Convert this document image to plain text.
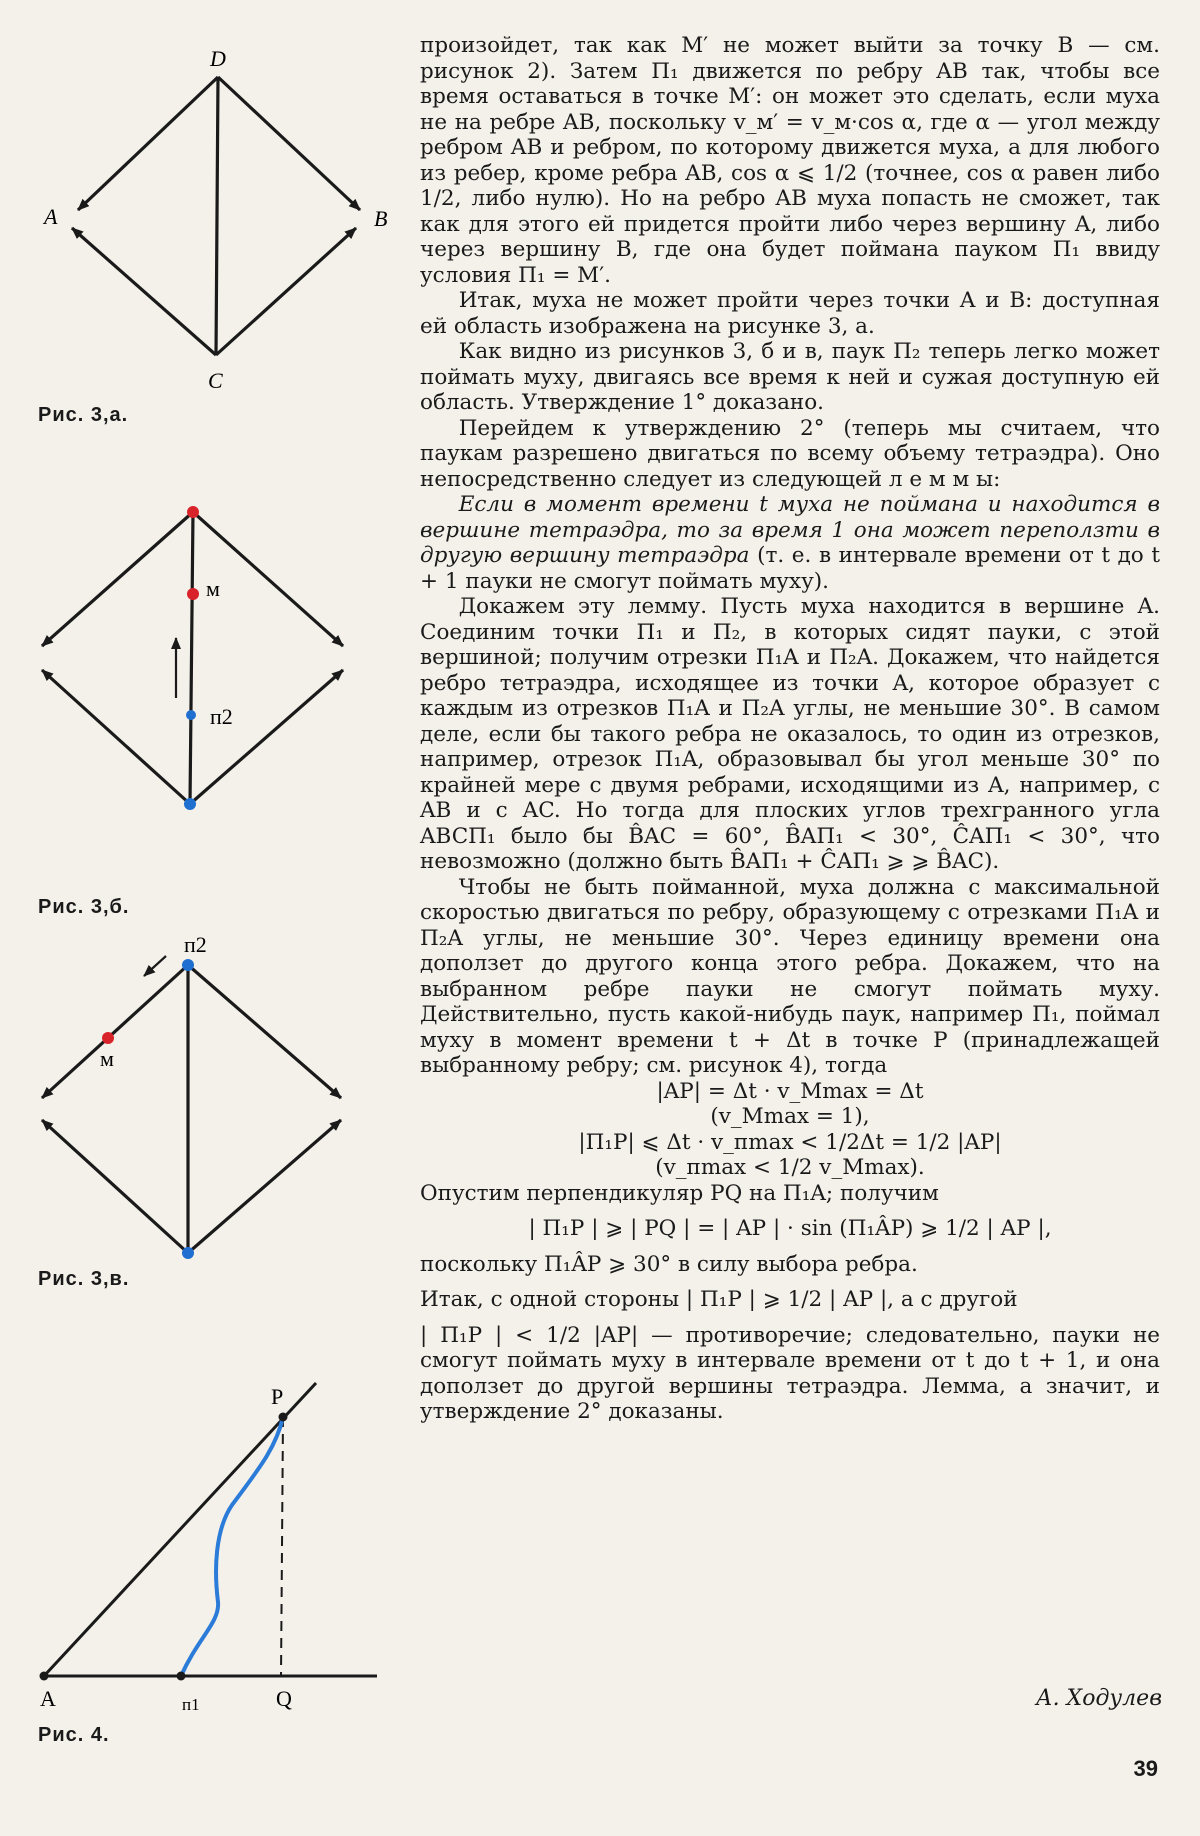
D
A	B
C
Рис. 3,а.
м
п2
Рис. 3,б.
п2
м
Рис. 3,в.
P
A	п1	Q
Рис. 4.

произойдет, так как M′ не может выйти за точку B — см. рисунок 2). Затем П₁ движется по ребру AB так, чтобы все время оставаться в точке M′: он может это сделать, если муха не на ребре AB, поскольку v_м′ = v_м·cos α, где α — угол между ребром AB и ребром, по которому движется муха, а для любого из ребер, кроме ребра AB, cos α ⩽ 1/2 (точнее, cos α равен либо 1/2, либо нулю). Но на ребро AB муха попасть не сможет, так как для этого ей придется пройти либо через вершину A, либо через вершину B, где она будет поймана пауком П₁ ввиду условия П₁ = M′.

Итак, муха не может пройти через точки A и B: доступная ей область изображена на рисунке 3, а.

Как видно из рисунков 3, б и в, паук П₂ теперь легко может поймать муху, двигаясь все время к ней и сужая доступную ей область. Утверждение 1° доказано.

Перейдем к утверждению 2° (теперь мы считаем, что паукам разрешено двигаться по всему объему тетраэдра). Оно непосредственно следует из следующей л е м м ы:

Если в момент времени t муха не поймана и находится в вершине тетраэдра, то за время 1 она может переползти в другую вершину тетраэдра (т. е. в интервале времени от t до t + 1 пауки не смогут поймать муху).

Докажем эту лемму. Пусть муха находится в вершине A. Соединим точки П₁ и П₂, в которых сидят пауки, с этой вершиной; получим отрезки П₁A и П₂A. Докажем, что найдется ребро тетраэдра, исходящее из точки A, которое образует с каждым из отрезков П₁A и П₂A углы, не меньшие 30°. В самом деле, если бы такого ребра не оказалось, то один из отрезков, например, отрезок П₁A, образовывал бы угол меньше 30° по крайней мере с двумя ребрами, исходящими из A, например, с AB и с AC. Но тогда для плоских углов трехгранного угла ABCП₁ было бы B̂AC = 60°, B̂AП₁ < 30°, ĈAП₁ < 30°, что невозможно (должно быть B̂AП₁ + ĈAП₁ ⩾ ⩾ B̂AC).

Чтобы не быть пойманной, муха должна с максимальной скоростью двигаться по ребру, образующему с отрезками П₁A и П₂A углы, не меньшие 30°. Через единицу времени она доползет до другого конца этого ребра. Докажем, что на выбранном ребре пауки не смогут поймать муху. Действительно, пусть какой-нибудь паук, например П₁, поймал муху в момент времени t + Δt в точке P (принадлежащей выбранному ребру; см. рисунок 4), тогда

|AP| = Δt · v_Mmax = Δt

(v_Mmax = 1),

|П₁P| ⩽ Δt · v_пmax < 1/2Δt = 1/2 |AP|

(v_пmax < 1/2 v_Mmax).

Опустим перпендикуляр PQ на П₁A; получим

| П₁P | ⩾ | PQ | = | AP | · sin (П₁ÂP) ⩾ 1/2 | AP |,

поскольку П₁ÂP ⩾ 30° в силу выбора ребра.

Итак, с одной стороны | П₁P | ⩾ 1/2 | AP |, а с другой

| П₁P | < 1/2 |AP| — противоречие; следовательно, пауки не смогут поймать муху в интервале времени от t до t + 1, и она доползет до другой вершины тетраэдра. Лемма, а значит, и утверждение 2° доказаны.

А. Ходулев
39
